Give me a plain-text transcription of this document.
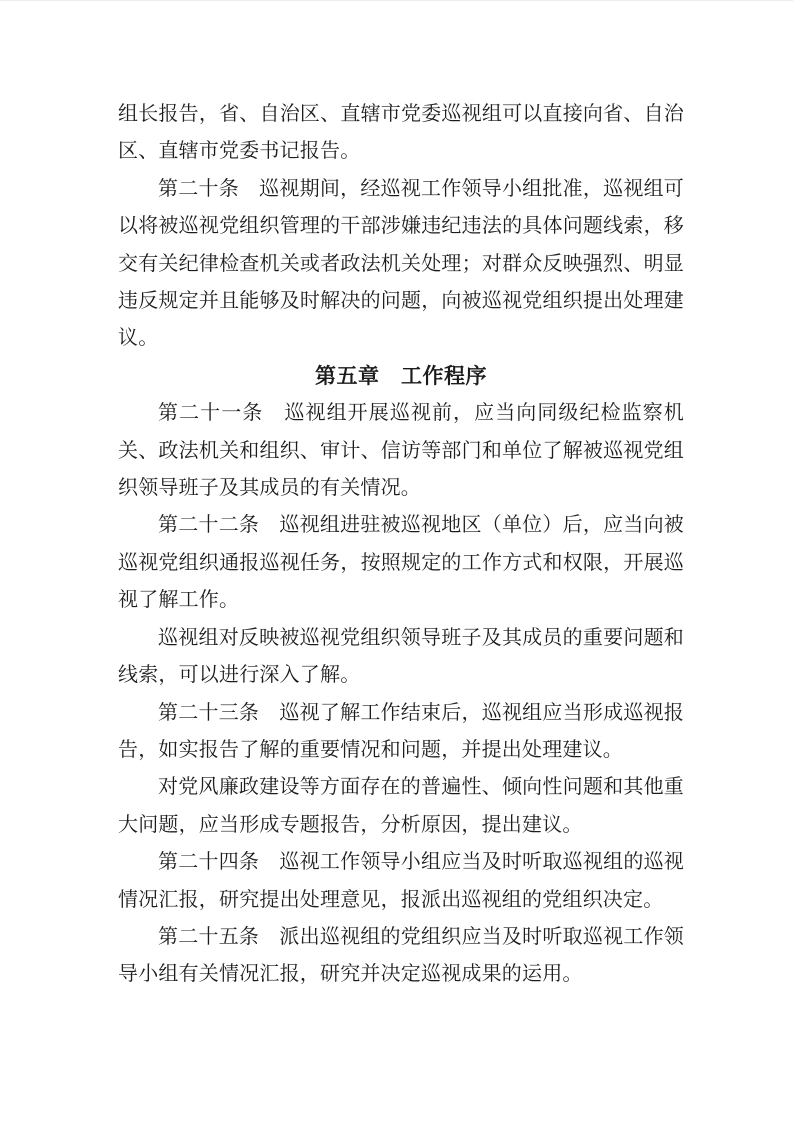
组长报告，省、自治区、直辖市党委巡视组可以直接向省、自治区、直辖市党委书记报告。

第二十条　巡视期间，经巡视工作领导小组批准，巡视组可以将被巡视党组织管理的干部涉嫌违纪违法的具体问题线索，移交有关纪律检查机关或者政法机关处理；对群众反映强烈、明显违反规定并且能够及时解决的问题，向被巡视党组织提出处理建议。

第五章　工作程序

第二十一条　巡视组开展巡视前，应当向同级纪检监察机关、政法机关和组织、审计、信访等部门和单位了解被巡视党组织领导班子及其成员的有关情况。

第二十二条　巡视组进驻被巡视地区（单位）后，应当向被巡视党组织通报巡视任务，按照规定的工作方式和权限，开展巡视了解工作。

巡视组对反映被巡视党组织领导班子及其成员的重要问题和线索，可以进行深入了解。

第二十三条　巡视了解工作结束后，巡视组应当形成巡视报告，如实报告了解的重要情况和问题，并提出处理建议。

对党风廉政建设等方面存在的普遍性、倾向性问题和其他重大问题，应当形成专题报告，分析原因，提出建议。

第二十四条　巡视工作领导小组应当及时听取巡视组的巡视情况汇报，研究提出处理意见，报派出巡视组的党组织决定。

第二十五条　派出巡视组的党组织应当及时听取巡视工作领导小组有关情况汇报，研究并决定巡视成果的运用。
